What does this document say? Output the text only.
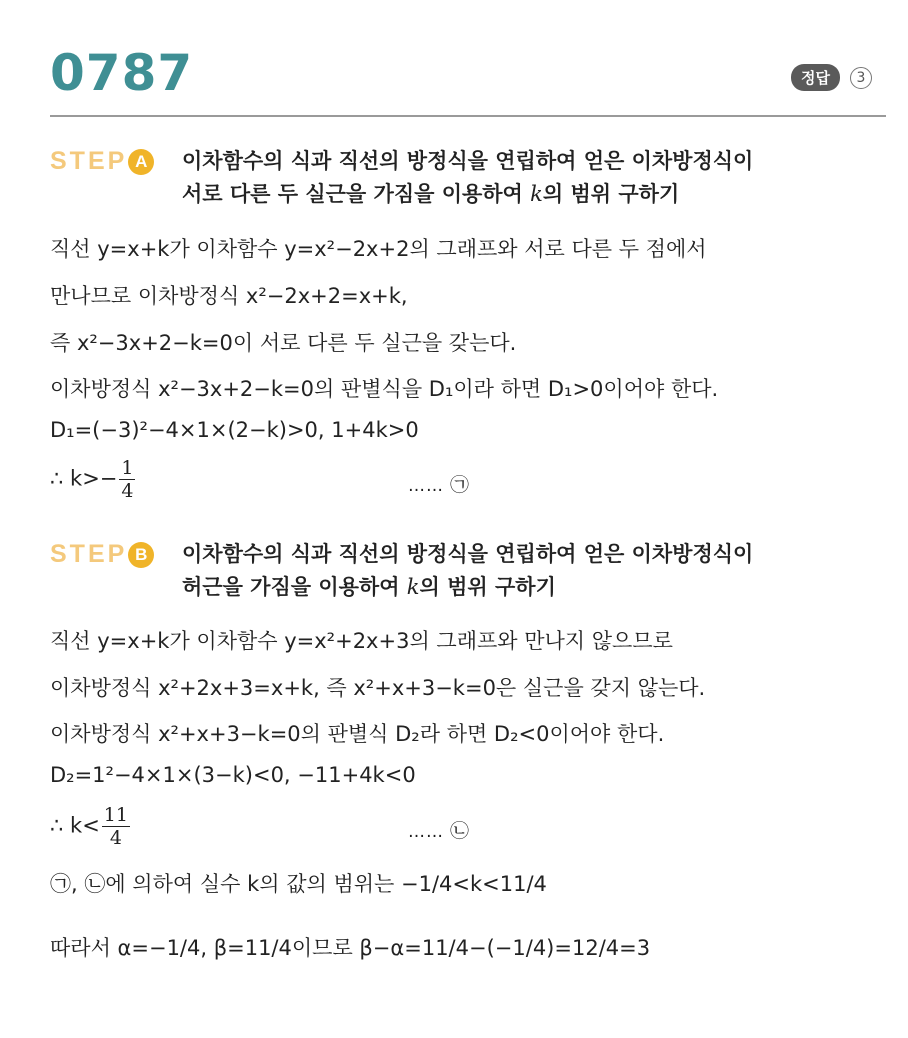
0787	정답	3
STEP A	이차함수의 식과 직선의 방정식을 연립하여 얻은 이차방정식이
서로 다른 두 실근을 가짐을 이용하여 k의 범위 구하기
직선 y=x+k가 이차함수 y=x²−2x+2의 그래프와 서로 다른 두 점에서
만나므로 이차방정식 x²−2x+2=x+k,
즉 x²−3x+2−k=0이 서로 다른 두 실근을 갖는다.
이차방정식 x²−3x+2−k=0의 판별식을 D₁이라 하면 D₁>0이어야 한다.
D₁=(−3)²−4×1×(2−k)>0, 1+4k>0
∴ $k>- \frac{1}{4}$	…… ㉠
STEP B	이차함수의 식과 직선의 방정식을 연립하여 얻은 이차방정식이
허근을 가짐을 이용하여 k의 범위 구하기
직선 y=x+k가 이차함수 y=x²+2x+3의 그래프와 만나지 않으므로
이차방정식 x²+2x+3=x+k, 즉 x²+x+3−k=0은 실근을 갖지 않는다.
이차방정식 x²+x+3−k=0의 판별식 D₂라 하면 D₂<0이어야 한다.
D₂=1²−4×1×(3−k)<0, −11+4k<0
∴ $k< \frac{11}{4}$	…… ㉡
㉠, ㉡에 의하여 실수 k의 값의 범위는 −1/4<k<11/4
따라서 α=−1/4, β=11/4이므로 β−α=11/4−(−1/4)=12/4=3
